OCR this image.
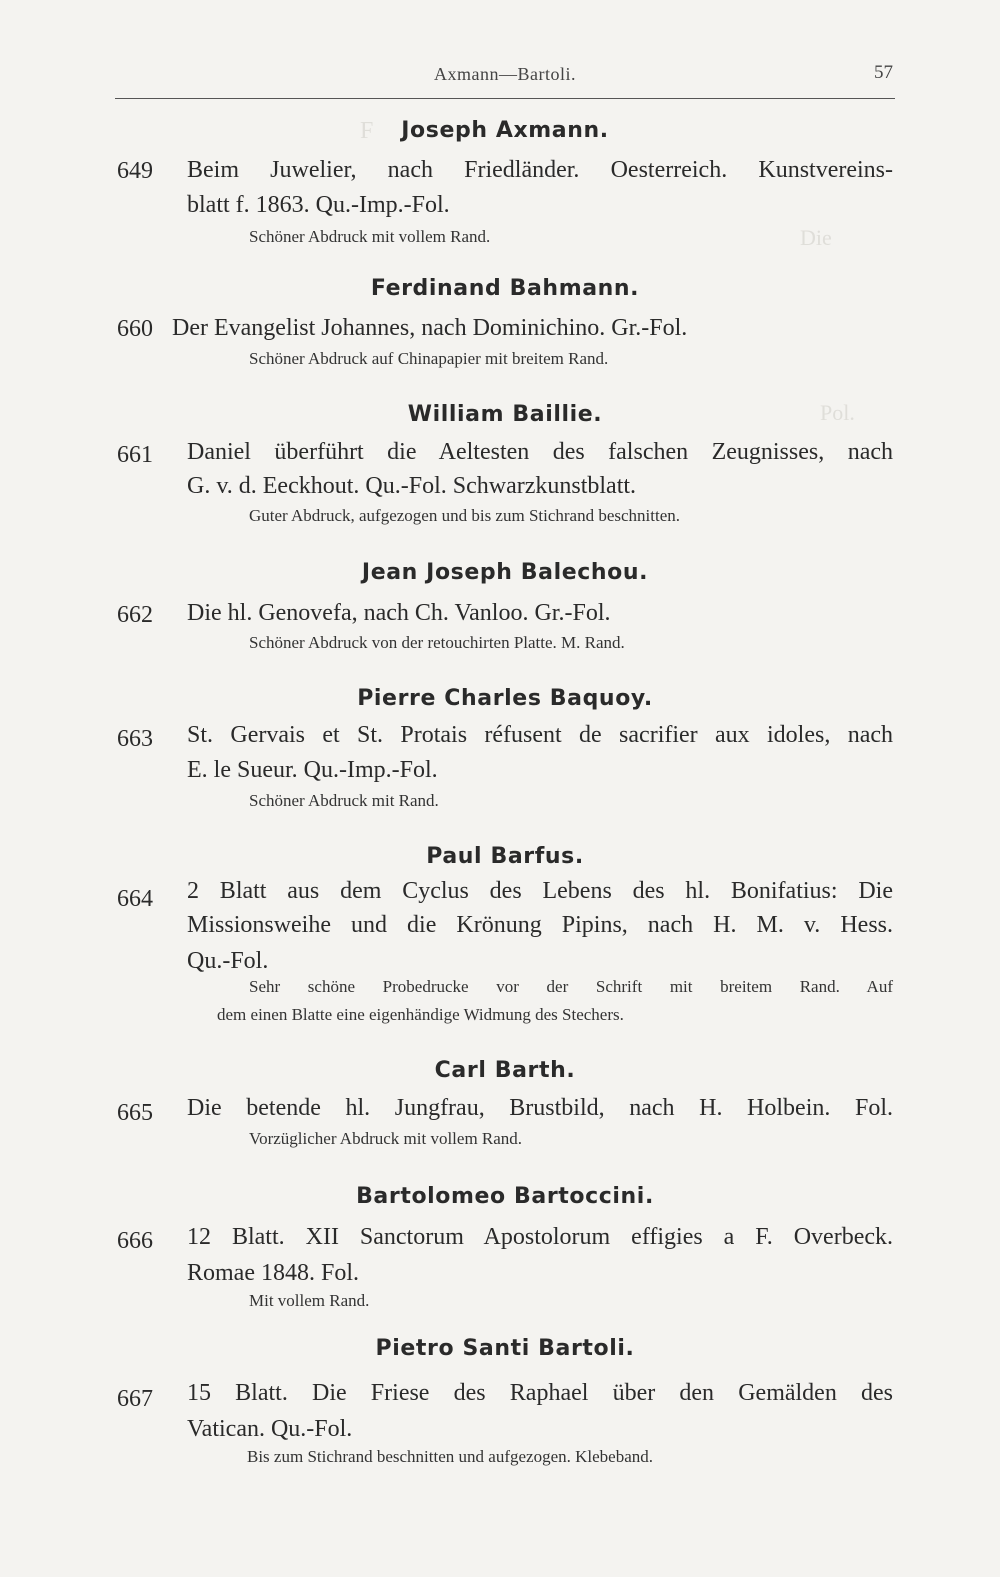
F
Die
Pol.

Axmann—Bartoli.	57
Joseph Axmann.
649 Beim Juwelier, nach Friedländer. Oesterreich. Kunstvereins-
blatt f. 1863. Qu.-Imp.-Fol.
Schöner Abdruck mit vollem Rand.
Ferdinand Bahmann.
660 Der Evangelist Johannes, nach Dominichino. Gr.-Fol.
Schöner Abdruck auf Chinapapier mit breitem Rand.
William Baillie.
661 Daniel überführt die Aeltesten des falschen Zeugnisses, nach
G. v. d. Eeckhout. Qu.-Fol. Schwarzkunstblatt.
Guter Abdruck, aufgezogen und bis zum Stichrand beschnitten.
Jean Joseph Balechou.
662 Die hl. Genovefa, nach Ch. Vanloo. Gr.-Fol.
Schöner Abdruck von der retouchirten Platte. M. Rand.
Pierre Charles Baquoy.
663 St. Gervais et St. Protais réfusent de sacrifier aux idoles, nach
E. le Sueur. Qu.-Imp.-Fol.
Schöner Abdruck mit Rand.
Paul Barfus.
664 2 Blatt aus dem Cyclus des Lebens des hl. Bonifatius: Die
Missionsweihe und die Krönung Pipins, nach H. M. v. Hess.
Qu.-Fol.
Sehr schöne Probedrucke vor der Schrift mit breitem Rand. Auf
dem einen Blatte eine eigenhändige Widmung des Stechers.
Carl Barth.
665 Die betende hl. Jungfrau, Brustbild, nach H. Holbein. Fol.
Vorzüglicher Abdruck mit vollem Rand.
Bartolomeo Bartoccini.
666 12 Blatt. XII Sanctorum Apostolorum effigies a F. Overbeck.
Romae 1848. Fol.
Mit vollem Rand.
Pietro Santi Bartoli.
667 15 Blatt. Die Friese des Raphael über den Gemälden des
Vatican. Qu.-Fol.
Bis zum Stichrand beschnitten und aufgezogen. Klebeband.
